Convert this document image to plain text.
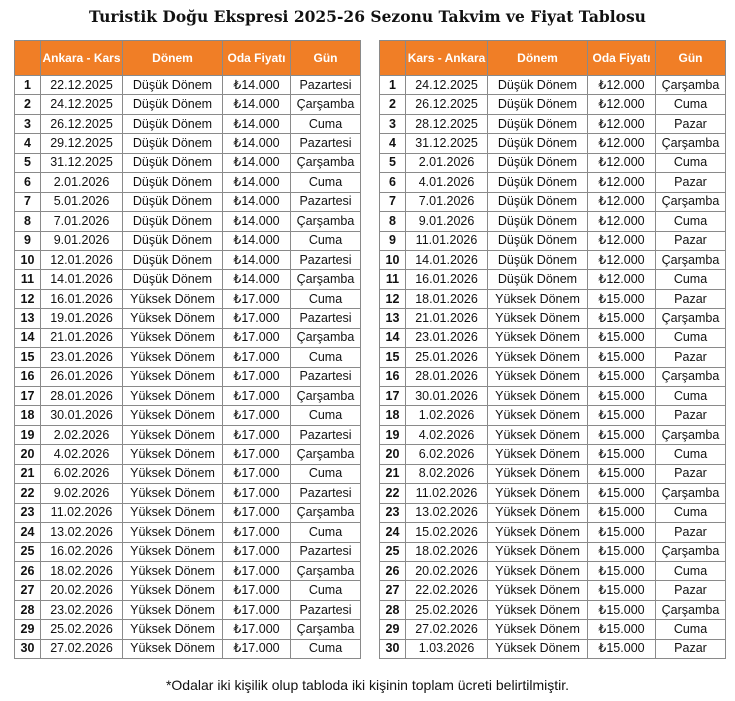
Turistik Doğu Ekspresi 2025-26 Sezonu Takvim ve Fiyat Tablosu
	Ankara - Kars	Dönem	Oda Fiyatı	Gün
1	22.12.2025	Düşük Dönem	₺14.000	Pazartesi
2	24.12.2025	Düşük Dönem	₺14.000	Çarşamba
3	26.12.2025	Düşük Dönem	₺14.000	Cuma
4	29.12.2025	Düşük Dönem	₺14.000	Pazartesi
5	31.12.2025	Düşük Dönem	₺14.000	Çarşamba
6	2.01.2026	Düşük Dönem	₺14.000	Cuma
7	5.01.2026	Düşük Dönem	₺14.000	Pazartesi
8	7.01.2026	Düşük Dönem	₺14.000	Çarşamba
9	9.01.2026	Düşük Dönem	₺14.000	Cuma
10	12.01.2026	Düşük Dönem	₺14.000	Pazartesi
11	14.01.2026	Düşük Dönem	₺14.000	Çarşamba
12	16.01.2026	Yüksek Dönem	₺17.000	Cuma
13	19.01.2026	Yüksek Dönem	₺17.000	Pazartesi
14	21.01.2026	Yüksek Dönem	₺17.000	Çarşamba
15	23.01.2026	Yüksek Dönem	₺17.000	Cuma
16	26.01.2026	Yüksek Dönem	₺17.000	Pazartesi
17	28.01.2026	Yüksek Dönem	₺17.000	Çarşamba
18	30.01.2026	Yüksek Dönem	₺17.000	Cuma
19	2.02.2026	Yüksek Dönem	₺17.000	Pazartesi
20	4.02.2026	Yüksek Dönem	₺17.000	Çarşamba
21	6.02.2026	Yüksek Dönem	₺17.000	Cuma
22	9.02.2026	Yüksek Dönem	₺17.000	Pazartesi
23	11.02.2026	Yüksek Dönem	₺17.000	Çarşamba
24	13.02.2026	Yüksek Dönem	₺17.000	Cuma
25	16.02.2026	Yüksek Dönem	₺17.000	Pazartesi
26	18.02.2026	Yüksek Dönem	₺17.000	Çarşamba
27	20.02.2026	Yüksek Dönem	₺17.000	Cuma
28	23.02.2026	Yüksek Dönem	₺17.000	Pazartesi
29	25.02.2026	Yüksek Dönem	₺17.000	Çarşamba
30	27.02.2026	Yüksek Dönem	₺17.000	Cuma
	Kars - Ankara	Dönem	Oda Fiyatı	Gün
1	24.12.2025	Düşük Dönem	₺12.000	Çarşamba
2	26.12.2025	Düşük Dönem	₺12.000	Cuma
3	28.12.2025	Düşük Dönem	₺12.000	Pazar
4	31.12.2025	Düşük Dönem	₺12.000	Çarşamba
5	2.01.2026	Düşük Dönem	₺12.000	Cuma
6	4.01.2026	Düşük Dönem	₺12.000	Pazar
7	7.01.2026	Düşük Dönem	₺12.000	Çarşamba
8	9.01.2026	Düşük Dönem	₺12.000	Cuma
9	11.01.2026	Düşük Dönem	₺12.000	Pazar
10	14.01.2026	Düşük Dönem	₺12.000	Çarşamba
11	16.01.2026	Düşük Dönem	₺12.000	Cuma
12	18.01.2026	Yüksek Dönem	₺15.000	Pazar
13	21.01.2026	Yüksek Dönem	₺15.000	Çarşamba
14	23.01.2026	Yüksek Dönem	₺15.000	Cuma
15	25.01.2026	Yüksek Dönem	₺15.000	Pazar
16	28.01.2026	Yüksek Dönem	₺15.000	Çarşamba
17	30.01.2026	Yüksek Dönem	₺15.000	Cuma
18	1.02.2026	Yüksek Dönem	₺15.000	Pazar
19	4.02.2026	Yüksek Dönem	₺15.000	Çarşamba
20	6.02.2026	Yüksek Dönem	₺15.000	Cuma
21	8.02.2026	Yüksek Dönem	₺15.000	Pazar
22	11.02.2026	Yüksek Dönem	₺15.000	Çarşamba
23	13.02.2026	Yüksek Dönem	₺15.000	Cuma
24	15.02.2026	Yüksek Dönem	₺15.000	Pazar
25	18.02.2026	Yüksek Dönem	₺15.000	Çarşamba
26	20.02.2026	Yüksek Dönem	₺15.000	Cuma
27	22.02.2026	Yüksek Dönem	₺15.000	Pazar
28	25.02.2026	Yüksek Dönem	₺15.000	Çarşamba
29	27.02.2026	Yüksek Dönem	₺15.000	Cuma
30	1.03.2026	Yüksek Dönem	₺15.000	Pazar
*Odalar iki kişilik olup tabloda iki kişinin toplam ücreti belirtilmiştir.
